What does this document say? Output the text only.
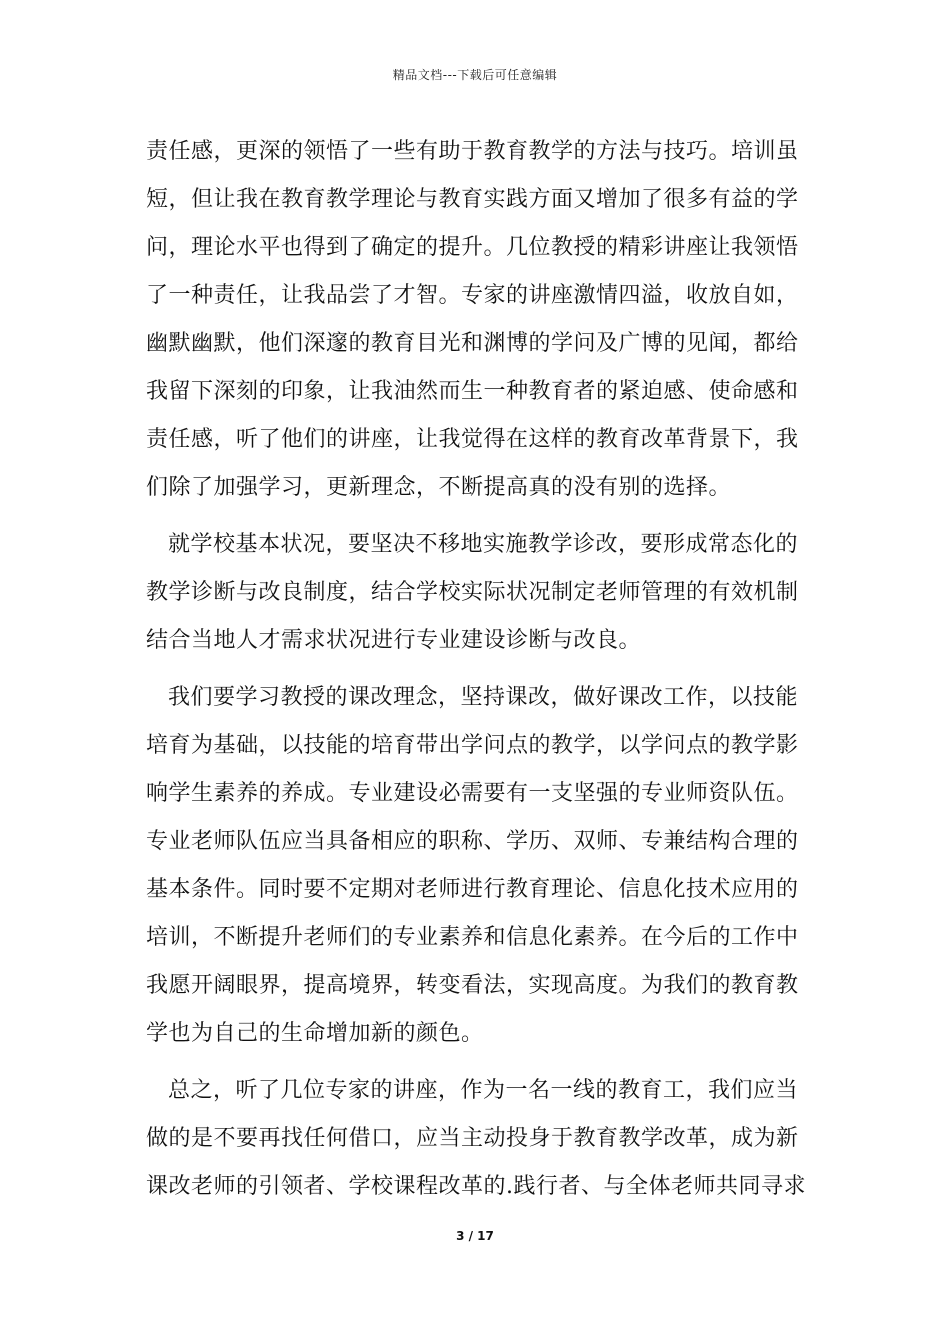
精品文档---下载后可任意编辑
责任感，更深的领悟了一些有助于教育教学的方法与技巧。培训虽
短，但让我在教育教学理论与教育实践方面又增加了很多有益的学
问，理论水平也得到了确定的提升。几位教授的精彩讲座让我领悟
了一种责任，让我品尝了才智。专家的讲座激情四溢，收放自如，
幽默幽默，他们深邃的教育目光和渊博的学问及广博的见闻，都给
我留下深刻的印象，让我油然而生一种教育者的紧迫感、使命感和
责任感，听了他们的讲座，让我觉得在这样的教育改革背景下，我
们除了加强学习，更新理念，不断提高真的没有别的选择。
就学校基本状况，要坚决不移地实施教学诊改，要形成常态化的
教学诊断与改良制度，结合学校实际状况制定老师管理的有效机制
结合当地人才需求状况进行专业建设诊断与改良。
我们要学习教授的课改理念，坚持课改，做好课改工作，以技能
培育为基础，以技能的培育带出学问点的教学，以学问点的教学影
响学生素养的养成。专业建设必需要有一支坚强的专业师资队伍。
专业老师队伍应当具备相应的职称、学历、双师、专兼结构合理的
基本条件。同时要不定期对老师进行教育理论、信息化技术应用的
培训，不断提升老师们的专业素养和信息化素养。在今后的工作中
我愿开阔眼界，提高境界，转变看法，实现高度。为我们的教育教
学也为自己的生命增加新的颜色。
总之，听了几位专家的讲座，作为一名一线的教育工，我们应当
做的是不要再找任何借口，应当主动投身于教育教学改革，成为新
课改老师的引领者、学校课程改革的.践行者、与全体老师共同寻求
3 / 17
